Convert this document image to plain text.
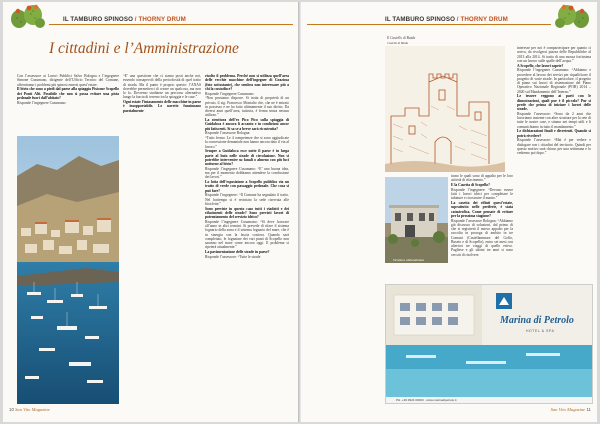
IL TAMBURO SPINOSO / THORNY DRUM
I cittadini e l’Amministrazione

Con l’assessore ai Lavori Pubblici Salvo Bologna e l’ingegnere Simone Cusumano, dirigente dell’Ufficio Tecnico del Comune, affrontiamo i problemi più spinosi emersi quest’estate.

Il bivio che sono a piedi dal paese alla spiaggia Pisicone Scopello dei Ponti Alti. Possibile che non si possa evitare una pista pedonale fuori dall’abitato?

Risponde l’ingegnere Cusumano:

“E’ una questione che ci siamo posti anche noi, essendo consapevoli della pericolosità di quel tratto di strada. Ma il punto è proprio questo: l’ANAS dovrebbe permetterci di creare un qualcosa, ma non lo fa. Dovremo studiarne un percorso alternativo lungo la fascia di terreno tra la spiaggia e le case.”

Ogni estate l’intasamento delle macchine in paese è insopportabile. Le navette funzionano parzialmente

risolto il problema. Perché non si utilizza quell’area delle vecchie macchine dell’ingegner di Graziosa (foto sottostante), che sembra non interessare più a chi la custodisce?

Risponde l’ingegnere Cusumano:

“Non possiamo disporre. Si tratta di proprietà di un privato, il sig. Francesco Montalto che, che ne è entrato in possesso e ne ha fatto ultimamente il suo diritto. Da diversi anni quell’area, tuttavia, è ferma senza nessun utilizzo.”

La struttura dell’ex Pico Pico sulla spiaggia di Guidaloca è ancora lì accanto e in condizioni ancor più fatiscenti. Si sa se a breve sarà ricostruita?

Risponde l’assessore Bologna:

“Tutto fermo. Le 4 competenze che si sono aggiudicate la concessione demaniale non hanno ancora dato il via al lavoro.”

Sempre a Guidaloca esce notte il paese è in larga parte al buio nelle strade di circolazione. Non si potrebbe intervenire su fanali o almeno con più luci notturne al bivio?

Risponde l’ingegnere Cusumano: “E’ una buona idea, ma per il momento dobbiamo attendere la conclusione dei lavori.”

Lo lotta dell’esposizione a Scopello pubblico via un tratto di verde con passaggio pedonale. Che cosa si può fare?

Risponde l’ingegnere: “Il Comune ha segnalato il tratto. Nel frattempo si è recintato la sede riservata alle biciclette.”

Sono previste in questo caso tutti i viadotti e dei rifacimenti delle strade? Sono previsti lavori di potenziamento del servizio idrico?

Risponde l’ingegnere Cusumano: “Sì deve lavorare all’anno in altri termini. Si prevede di rifare il sistema fognario della zona e il sistema fognario del mare, che è in sinergia con la fascia costiera. Quando sarà completato, le fognature dei vari punti di Scopello non saranno nel mare come ancora oggi. Il problema si ripeterà attualmente.”

La pavimentazione delle strade in paese?

Risponde l’assessore: “Tutte le strade

10 San Vito Magazine
IL TAMBURO SPINOSO / THORNY DRUM
Il Castello di Baida
Castello di Baida
Struttura abbandonata

turno le quali sono di appalto per le loro attività di rifacimento.”

E la Casetta di Scopello?

Risponde l’ingegnere: “Devono essere fatti i lavori idrici per completare le tubature e ricostruire il manto.”

La casetta dei rifiuti quest’estate, soprattutto nelle periferie, è stata catastrofica. Come pensate di evitare per la prossima stagione?

Risponde l’assessore Bologna: “Abbiamo già discusso di soluzioni, dal primo di che si registrerà il nuovo appalto per la raccolta in proroga di ambito in tre Comuni (Castellammare del Golfo, Buseto e di Scopello), entro sei mesi con ulteriori tre viaggi di quello estivo. Pugliese e gli ultimi tre anni si sono cercati di risolvere.

interesse per noi è compartecipare per quanto ci arriva, da rivolgersi piazza delle Repubbliche al 2013 alla 2014. Si tratta di una mossa fortissima con un lavoro sulle spalle dell’acqua.”

A Scopello, che lavori sapete?

Risponde l’ingegnere Cusumano: “Abbiamo e procedere al lavoro dei servizi per riqualificare il progetto di varie strade. In particolare, il progetto di piano sui lavori di sistemazione del Piano Operativo Nazionale Regionale (POR) 2014 – 2020 sul Mandamento dell’Interno.”

Le tessere veggono ai parti con le dimostrazioni, quali pur è il piccolo? Pur si perde che prima di iniziare i lavori delle strade.

Risponde l’assessore: “Sono da 2 anni che lavoriamo insieme con altre strutture per la rete di tutte le nostre case, e stiamo nei tempi utili e li comunichiamo in tutto il mandamento.”

Le dichiarazioni finali e divertenti. Quando si potrà rivedere?

Risponde l’assessore: “Mai è per vedere e dialogare con i cittadini del territorio. Quindi per questo motivo sarà chiuso per una settimana e lo vedremo poi dopo.”

Marina di Petrolo
HOTEL & SPA
PH. +39 0924 00000 · www.marinadipetrolo.it
San Vito Magazine 11
